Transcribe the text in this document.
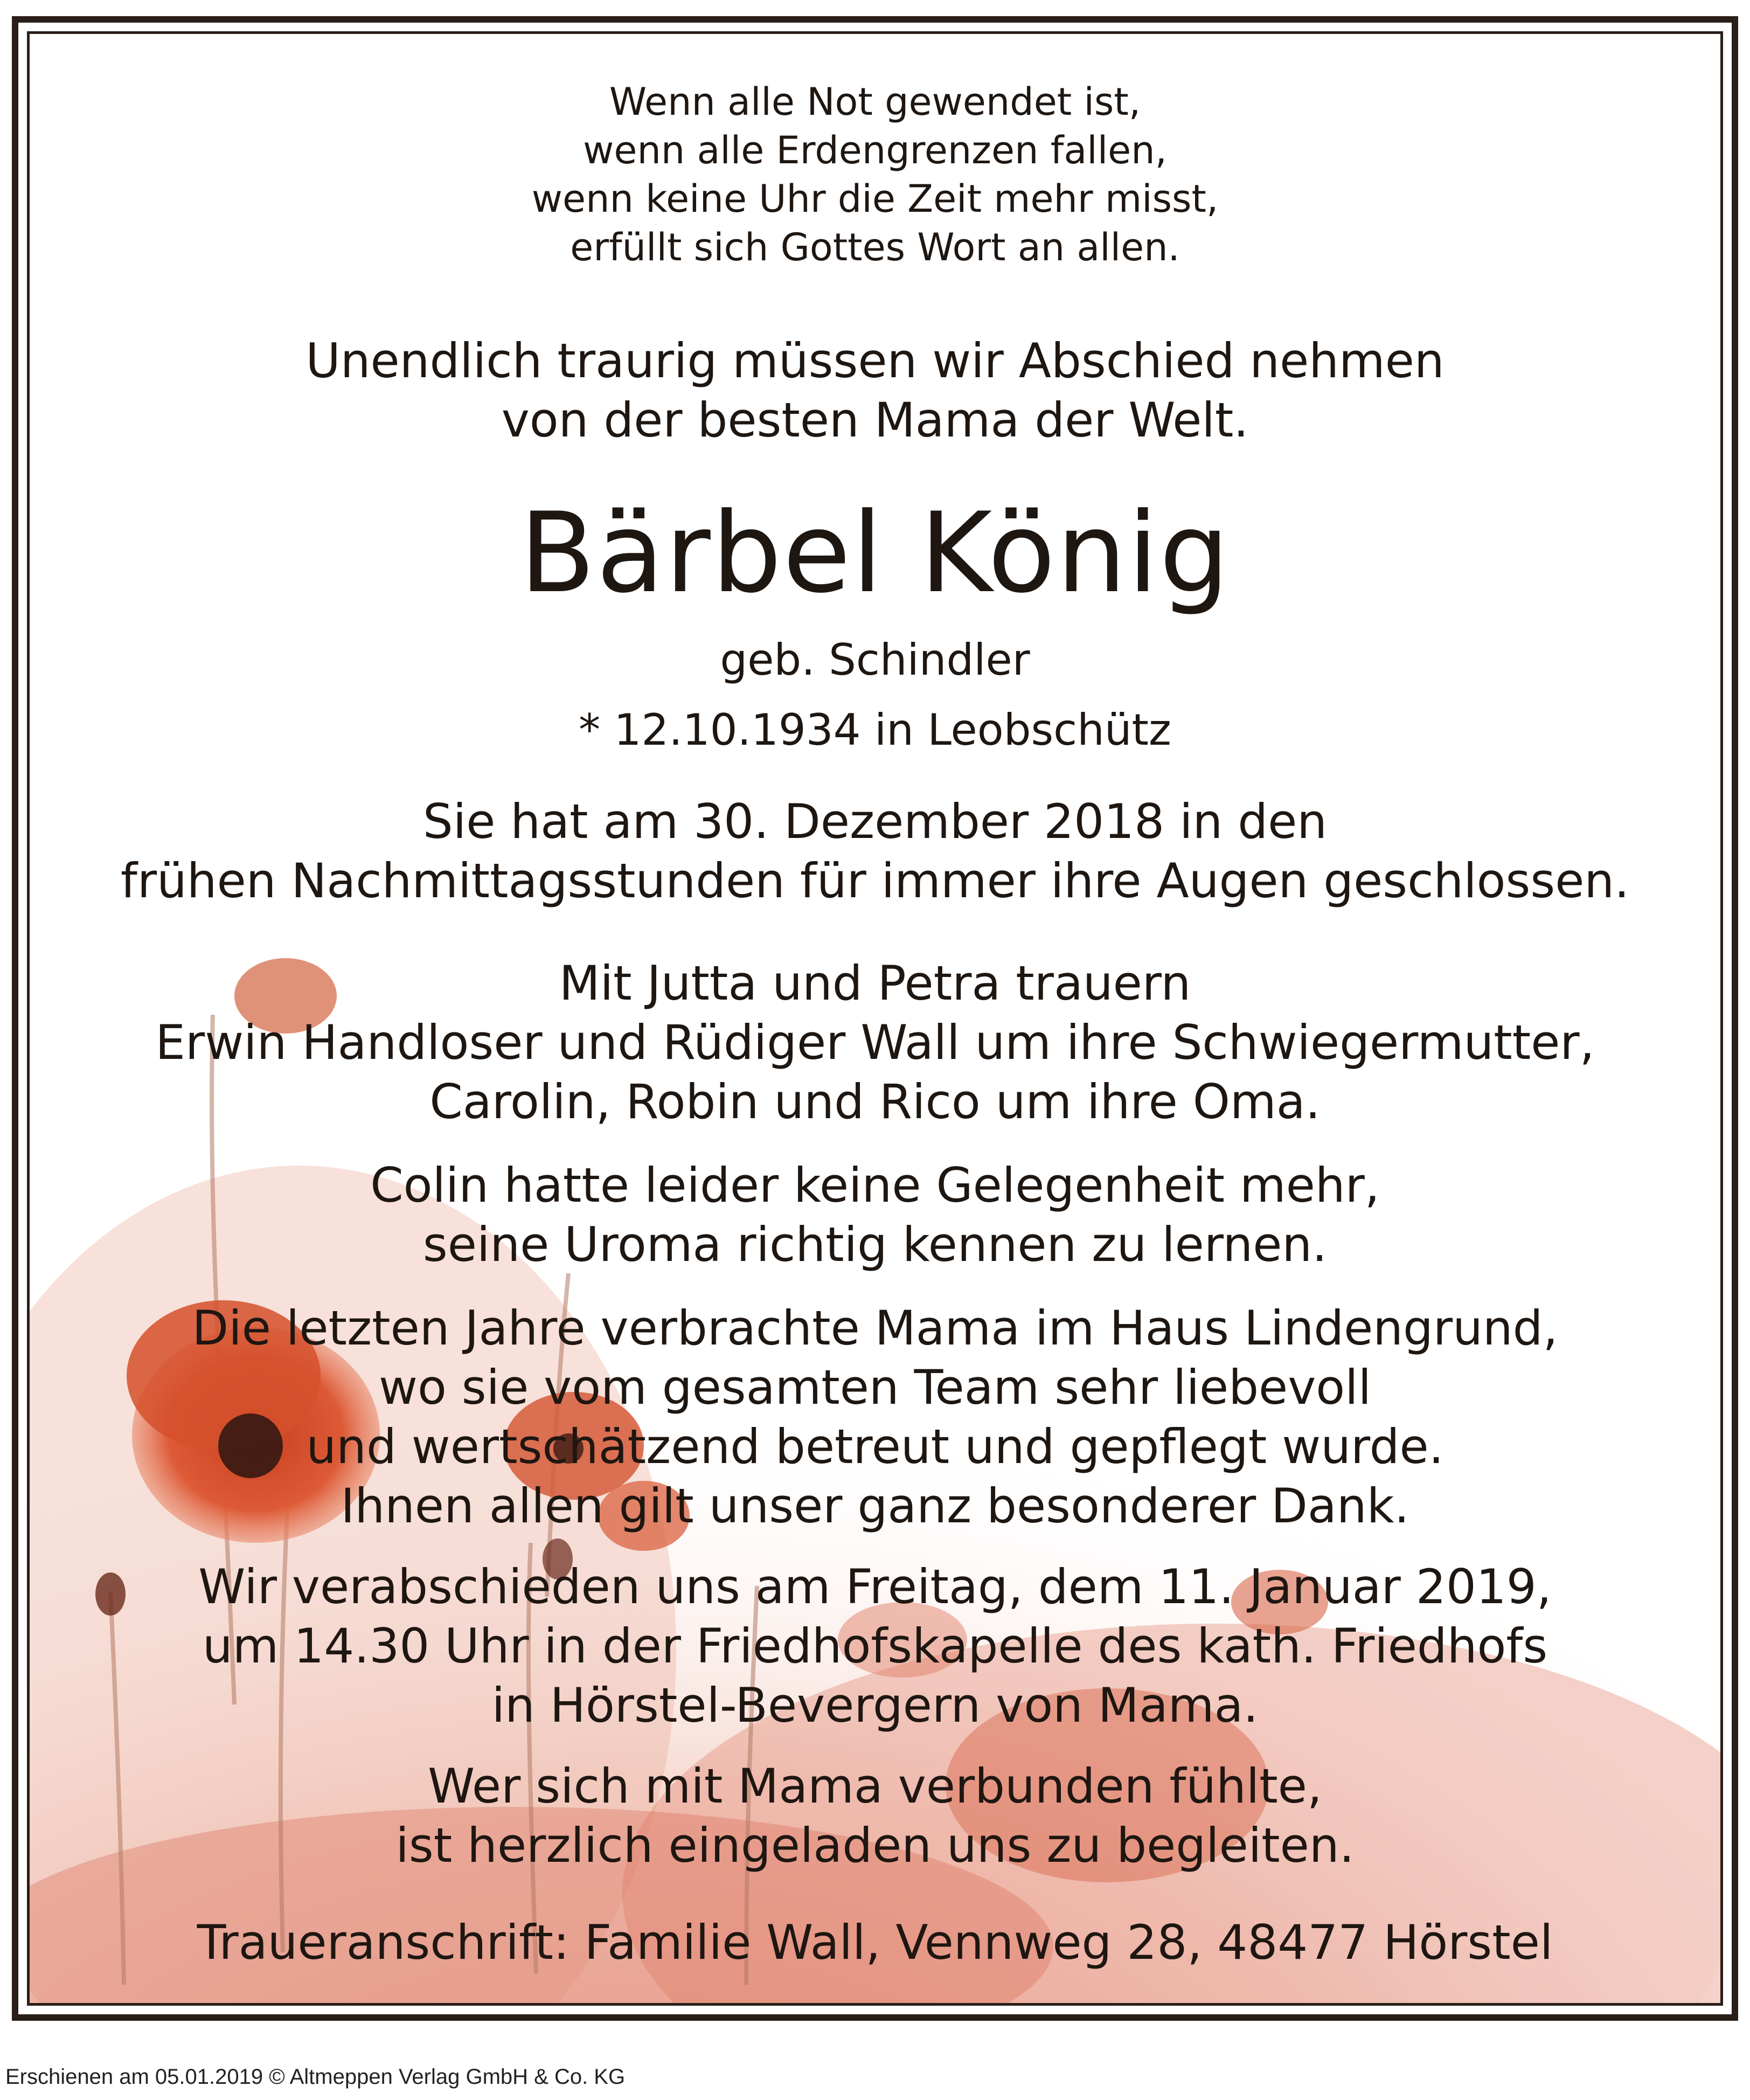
Wenn alle Not gewendet ist,
wenn alle Erdengrenzen fallen,
wenn keine Uhr die Zeit mehr misst,
erfüllt sich Gottes Wort an allen.
Unendlich traurig müssen wir Abschied nehmen
von der besten Mama der Welt.
Bärbel König
geb. Schindler
* 12.10.1934 in Leobschütz
Sie hat am 30. Dezember 2018 in den
frühen Nachmittagsstunden für immer ihre Augen geschlossen.
Mit Jutta und Petra trauern
Erwin Handloser und Rüdiger Wall um ihre Schwiegermutter,
Carolin, Robin und Rico um ihre Oma.
Colin hatte leider keine Gelegenheit mehr,
seine Uroma richtig kennen zu lernen.
Die letzten Jahre verbrachte Mama im Haus Lindengrund,
wo sie vom gesamten Team sehr liebevoll
und wertschätzend betreut und gepflegt wurde.
Ihnen allen gilt unser ganz besonderer Dank.
Wir verabschieden uns am Freitag, dem 11. Januar 2019,
um 14.30 Uhr in der Friedhofskapelle des kath. Friedhofs
in Hörstel-Bevergern von Mama.
Wer sich mit Mama verbunden fühlte,
ist herzlich eingeladen uns zu begleiten.
Traueranschrift: Familie Wall, Vennweg 28, 48477 Hörstel
Erschienen am 05.01.2019 © Altmeppen Verlag GmbH & Co. KG
